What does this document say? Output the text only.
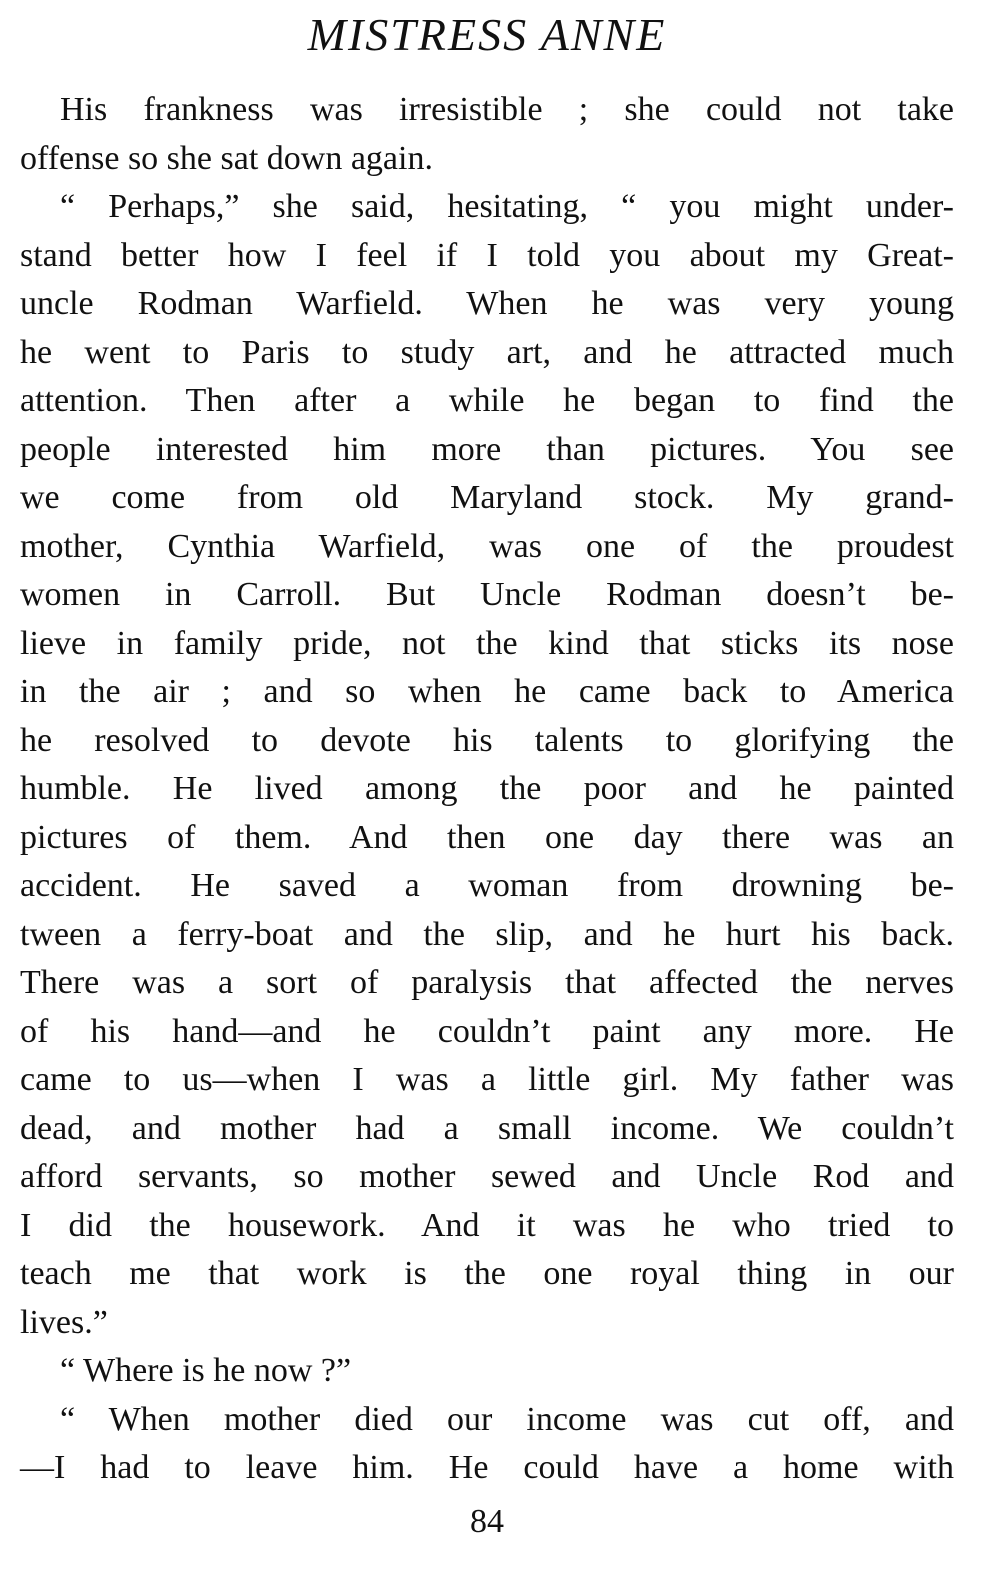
MISTRESS ANNE
His frankness was irresistible ; she could not take
offense so she sat down again.
“ Perhaps,” she said, hesitating, “ you might under-
stand better how I feel if I told you about my Great-
uncle Rodman Warfield. When he was very young
he went to Paris to study art, and he attracted much
attention. Then after a while he began to find the
people interested him more than pictures. You see
we come from old Maryland stock. My grand-
mother, Cynthia Warfield, was one of the proudest
women in Carroll. But Uncle Rodman doesn’t be-
lieve in family pride, not the kind that sticks its nose
in the air ; and so when he came back to America
he resolved to devote his talents to glorifying the
humble. He lived among the poor and he painted
pictures of them. And then one day there was an
accident. He saved a woman from drowning be-
tween a ferry-boat and the slip, and he hurt his back.
There was a sort of paralysis that affected the nerves
of his hand—and he couldn’t paint any more. He
came to us—when I was a little girl. My father was
dead, and mother had a small income. We couldn’t
afford servants, so mother sewed and Uncle Rod and
I did the housework. And it was he who tried to
teach me that work is the one royal thing in our
lives.”
“ Where is he now ?”
“ When mother died our income was cut off, and
—I had to leave him. He could have a home with
84
